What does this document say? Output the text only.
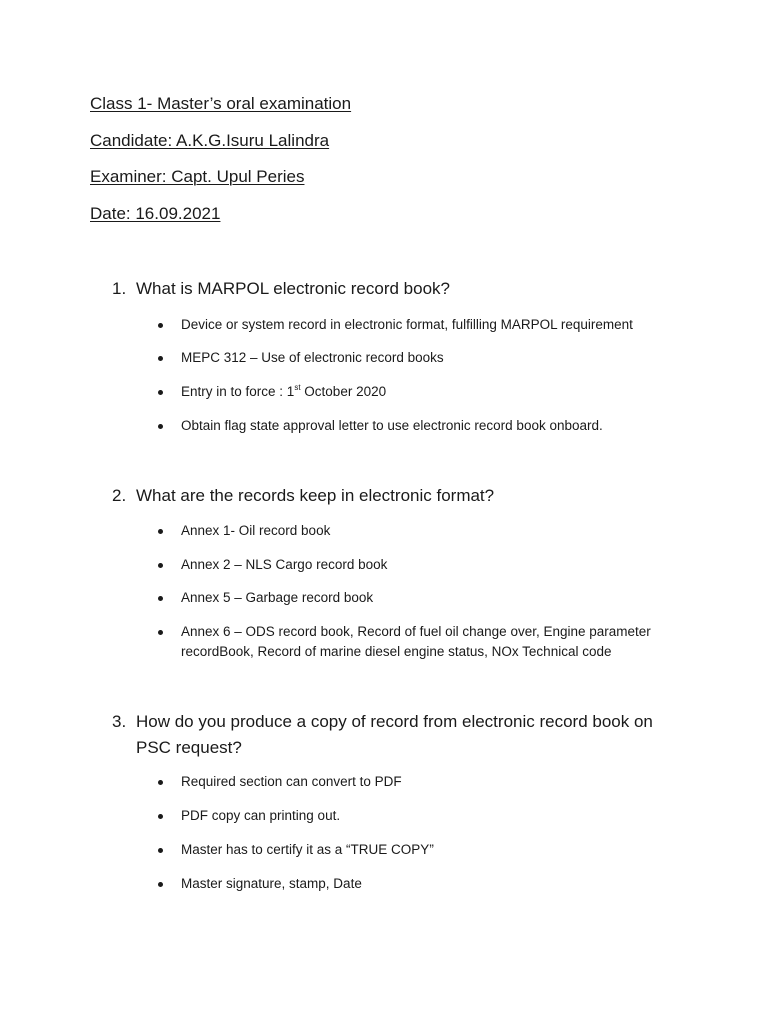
Class 1- Master’s oral examination
Candidate: A.K.G.Isuru Lalindra
Examiner: Capt. Upul Peries
Date: 16.09.2021
1. What is MARPOL electronic record book?
Device or system record in electronic format, fulfilling MARPOL requirement
MEPC 312 – Use of electronic record books
Entry in to force : 1st October 2020
Obtain flag state approval letter to use electronic record book onboard.
2. What are the records keep in electronic format?
Annex 1- Oil record book
Annex 2 – NLS Cargo record book
Annex 5 – Garbage record book
Annex 6 – ODS record book, Record of fuel oil change over, Engine parameter recordBook, Record of marine diesel engine status, NOx Technical code
3. How do you produce a copy of record from electronic record book on PSC request?
Required section can convert to PDF
PDF copy can printing out.
Master has to certify it as a “TRUE COPY”
Master signature, stamp, Date
